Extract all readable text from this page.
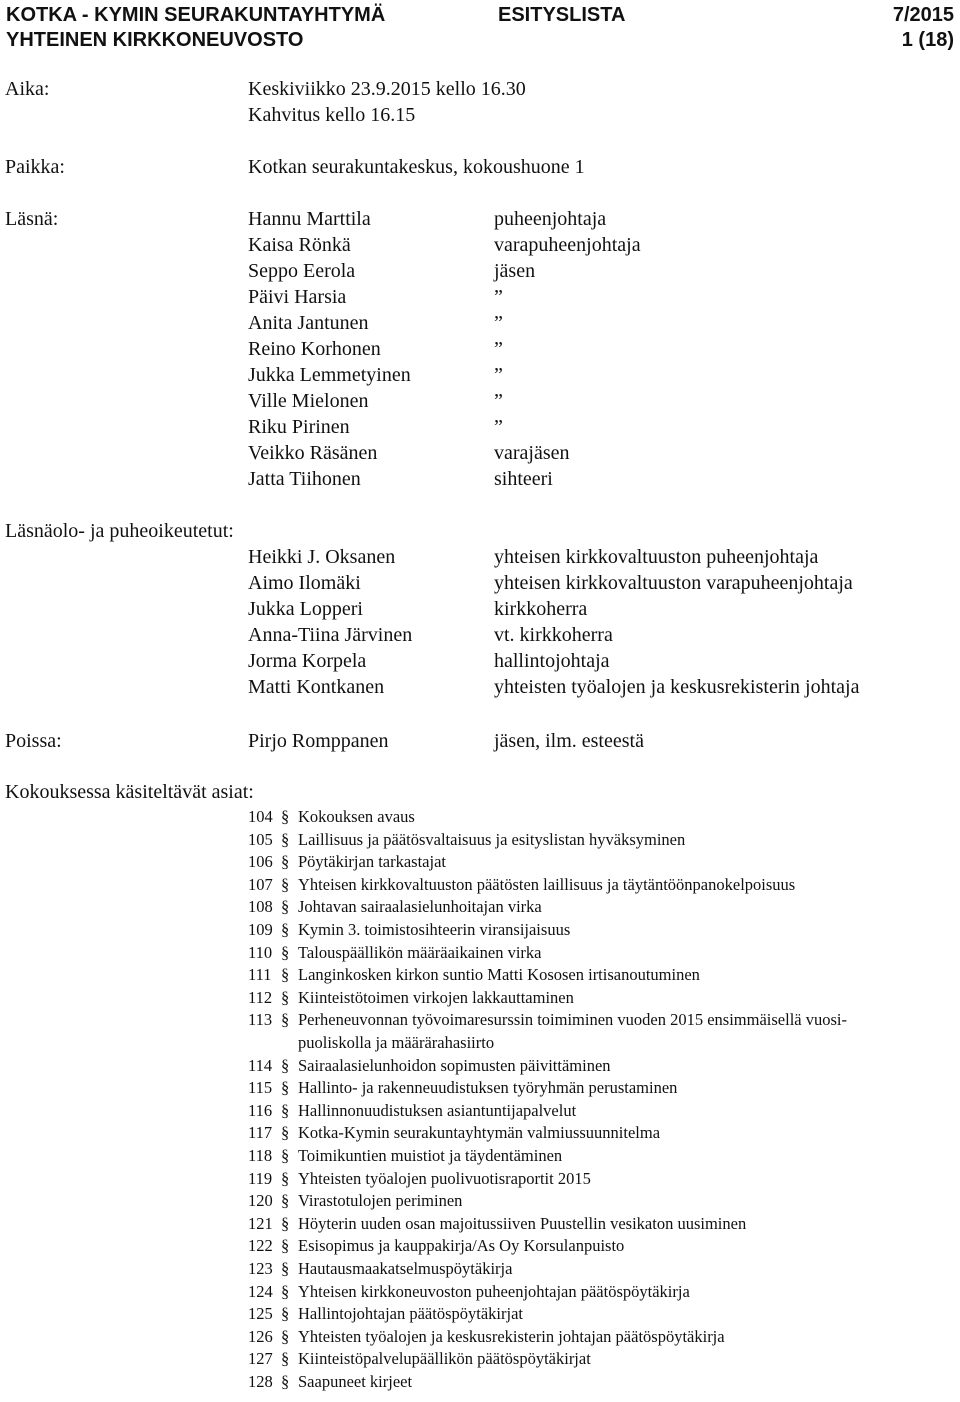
KOTKA - KYMIN SEURAKUNTAYHTYMÄ
YHTEINEN KIRKKONEUVOSTO
ESITYSLISTA	7/2015
1 (18)
Aika:	Keskiviikko 23.9.2015 kello 16.30
Kahvitus kello 16.15
Paikka:	Kotkan seurakuntakeskus, kokoushuone 1
Läsnä:	Hannu Marttila	puheenjohtaja
Kaisa Rönkä	varapuheenjohtaja
Seppo Eerola	jäsen
Päivi Harsia	”
Anita Jantunen	”
Reino Korhonen	”
Jukka Lemmetyinen	”
Ville Mielonen	”
Riku Pirinen	”
Veikko Räsänen	varajäsen
Jatta Tiihonen	sihteeri
Läsnäolo- ja puheoikeutetut:
Heikki J. Oksanen	yhteisen kirkkovaltuuston puheenjohtaja
Aimo Ilomäki	yhteisen kirkkovaltuuston varapuheenjohtaja
Jukka Lopperi	kirkkoherra
Anna-Tiina Järvinen	vt. kirkkoherra
Jorma Korpela	hallintojohtaja
Matti Kontkanen	yhteisten työalojen ja keskusrekisterin johtaja
Poissa:	Pirjo Romppanen	jäsen, ilm. esteestä
Kokouksessa käsiteltävät asiat:
104 § Kokouksen avaus
105 § Laillisuus ja päätösvaltaisuus ja esityslistan hyväksyminen
106 § Pöytäkirjan tarkastajat
107 § Yhteisen kirkkovaltuuston päätösten laillisuus ja täytäntöönpanokelpoisuus
108 § Johtavan sairaalasielunhoitajan virka
109 § Kymin 3. toimistosihteerin viransijaisuus
110 § Talouspäällikön määräaikainen virka
111 § Langinkosken kirkon suntio Matti Kososen irtisanoutuminen
112 § Kiinteistötoimen virkojen lakkauttaminen
113 § Perheneuvonnan työvoimaresurssin toimiminen vuoden 2015 ensimmäisellä vuosi-
puoliskolla ja määrärahasiirto
114 § Sairaalasielunhoidon sopimusten päivittäminen
115 § Hallinto- ja rakenneuudistuksen työryhmän perustaminen
116 § Hallinnonuudistuksen asiantuntijapalvelut
117 § Kotka-Kymin seurakuntayhtymän valmiussuunnitelma
118 § Toimikuntien muistiot ja täydentäminen
119 § Yhteisten työalojen puolivuotisraportit 2015
120 § Virastotulojen periminen
121 § Höyterin uuden osan majoitussiiven Puustellin vesikaton uusiminen
122 § Esisopimus ja kauppakirja/As Oy Korsulanpuisto
123 § Hautausmaakatselmuspöytäkirja
124 § Yhteisen kirkkoneuvoston puheenjohtajan päätöspöytäkirja
125 § Hallintojohtajan päätöspöytäkirjat
126 § Yhteisten työalojen ja keskusrekisterin johtajan päätöspöytäkirja
127 § Kiinteistöpalvelupäällikön päätöspöytäkirjat
128 § Saapuneet kirjeet
